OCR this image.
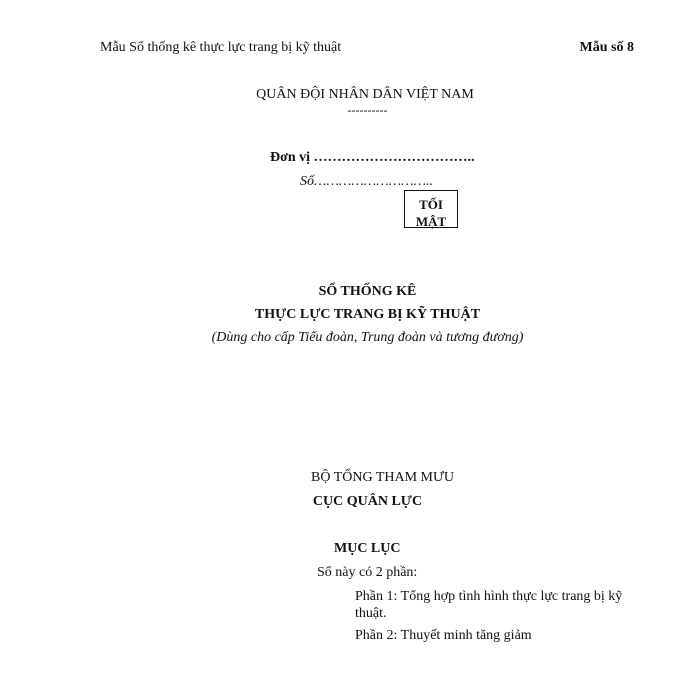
Mẫu Sổ thống kê thực lực trang bị kỹ thuật	Mẫu số 8
QUÂN ĐỘI NHÂN DÂN VIỆT NAM
----------
Đơn vị ……………………………..
Số………………………..
TỐI
MẬT
SỔ THỐNG KÊ
THỰC LỰC TRANG BỊ KỸ THUẬT
(Dùng cho cấp Tiểu đoàn, Trung đoàn và tương đương)
BỘ TỔNG THAM MƯU
CỤC QUÂN LỰC
MỤC LỤC
Sổ này có 2 phần:
Phần 1: Tổng hợp tình hình thực lực trang bị kỹ thuật.
Phần 2: Thuyết minh tăng giảm
